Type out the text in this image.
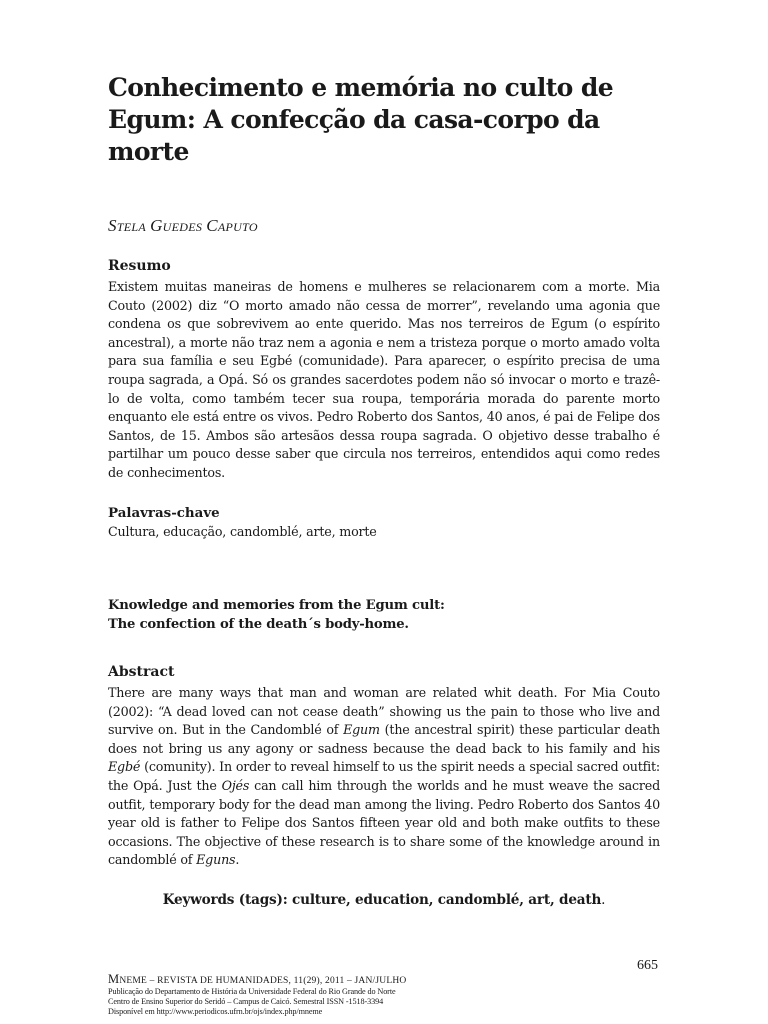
Conhecimento e memória no culto de Egum: A confecção da casa-corpo da morte
STELA GUEDES CAPUTO
Resumo

Existem muitas maneiras de homens e mulheres se relacionarem com a morte. Mia Couto (2002) diz “O morto amado não cessa de morrer”, revelando uma agonia que condena os que sobrevivem ao ente querido. Mas nos terreiros de Egum (o espírito ancestral), a morte não traz nem a agonia e nem a tristeza porque o morto amado volta para sua família e seu Egbé (comunidade). Para aparecer, o espírito precisa de uma roupa sagrada, a Opá. Só os grandes sacerdotes podem não só invocar o morto e trazê-lo de volta, como também tecer sua roupa, temporária morada do parente morto enquanto ele está entre os vivos. Pedro Roberto dos Santos, 40 anos, é pai de Felipe dos Santos, de 15. Ambos são artesãos dessa roupa sagrada. O objetivo desse trabalho é partilhar um pouco desse saber que circula nos terreiros, entendidos aqui como redes de conhecimentos.

Palavras-chave
Cultura, educação, candomblé, arte, morte
Knowledge and memories from the Egum cult:
The confection of the death´s body-home.
Abstract

There are many ways that man and woman are related whit death. For Mia Couto (2002): “A dead loved can not cease death” showing us the pain to those who live and survive on. But in the Candomblé of Egum (the ancestral spirit) these particular death does not bring us any agony or sadness because the dead back to his family and his Egbé (comunity). In order to reveal himself to us the spirit needs a special sacred outfit: the Opá. Just the Ojés can call him through the worlds and he must weave the sacred outfit, temporary body for the dead man among the living. Pedro Roberto dos Santos 40 year old is father to Felipe dos Santos fifteen year old and both make outfits to these occasions. The objective of these research is to share some of the knowledge around in candomblé of Eguns.

Keywords (tags): culture, education, candomblé, art, death.
665
MNEME – REVISTA DE HUMANIDADES, 11(29), 2011 – JAN/JULHO
Publicação do Departamento de História da Universidade Federal do Rio Grande do Norte
Centro de Ensino Superior do Seridó – Campus de Caicó. Semestral ISSN ‑1518-3394
Disponível em http://www.periodicos.ufrn.br/ojs/index.php/mneme
